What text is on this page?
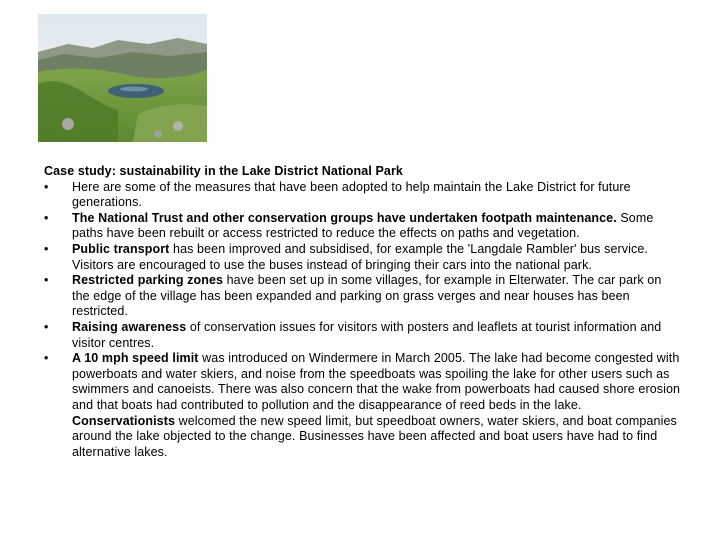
Case study: sustainability in the Lake District National Park

• Here are some of the measures that have been adopted to help maintain the Lake District for future generations.
• The National Trust and other conservation groups have undertaken footpath maintenance. Some paths have been rebuilt or access restricted to reduce the effects on paths and vegetation.
• Public transport has been improved and subsidised, for example the 'Langdale Rambler' bus service. Visitors are encouraged to use the buses instead of bringing their cars into the national park.
• Restricted parking zones have been set up in some villages, for example in Elterwater. The car park on the edge of the village has been expanded and parking on grass verges and near houses has been restricted.
• Raising awareness of conservation issues for visitors with posters and leaflets at tourist information and visitor centres.
• A 10 mph speed limit was introduced on Windermere in March 2005. The lake had become congested with powerboats and water skiers, and noise from the speedboats was spoiling the lake for other users such as swimmers and canoeists. There was also concern that the wake from powerboats had caused shore erosion and that boats had contributed to pollution and the disappearance of reed beds in the lake. Conservationists welcomed the new speed limit, but speedboat owners, water skiers, and boat companies around the lake objected to the change. Businesses have been affected and boat users have had to find alternative lakes.
